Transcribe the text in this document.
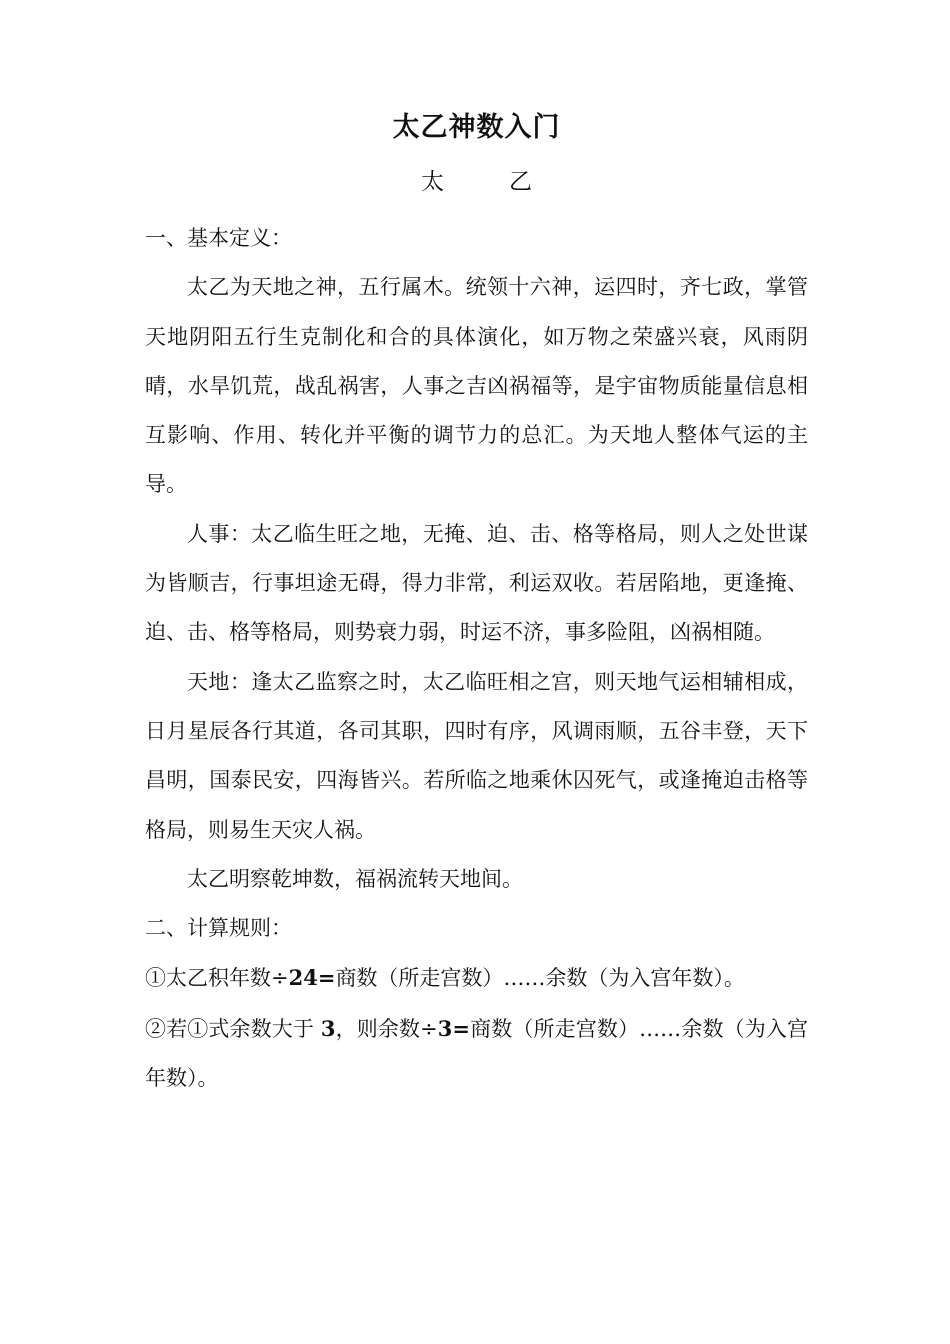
太乙神数入门
太	乙

一、基本定义：

太乙为天地之神，五行属木。统领十六神，运四时，齐七政，掌管天地阴阳五行生克制化和合的具体演化，如万物之荣盛兴衰，风雨阴晴，水旱饥荒，战乱祸害，人事之吉凶祸福等，是宇宙物质能量信息相互影响、作用、转化并平衡的调节力的总汇。为天地人整体气运的主导。

人事：太乙临生旺之地，无掩、迫、击、格等格局，则人之处世谋为皆顺吉，行事坦途无碍，得力非常，利运双收。若居陷地，更逢掩、迫、击、格等格局，则势衰力弱，时运不济，事多险阻，凶祸相随。

天地：逢太乙监察之时，太乙临旺相之宫，则天地气运相辅相成，日月星辰各行其道，各司其职，四时有序，风调雨顺，五谷丰登，天下昌明，国泰民安，四海皆兴。若所临之地乘休囚死气，或逢掩迫击格等格局，则易生天灾人祸。

太乙明察乾坤数，福祸流转天地间。

二、计算规则：

①太乙积年数÷24=商数（所走宫数）……余数（为入宫年数）。

②若①式余数大于 3，则余数÷3=商数（所走宫数）……余数（为入宫年数）。
